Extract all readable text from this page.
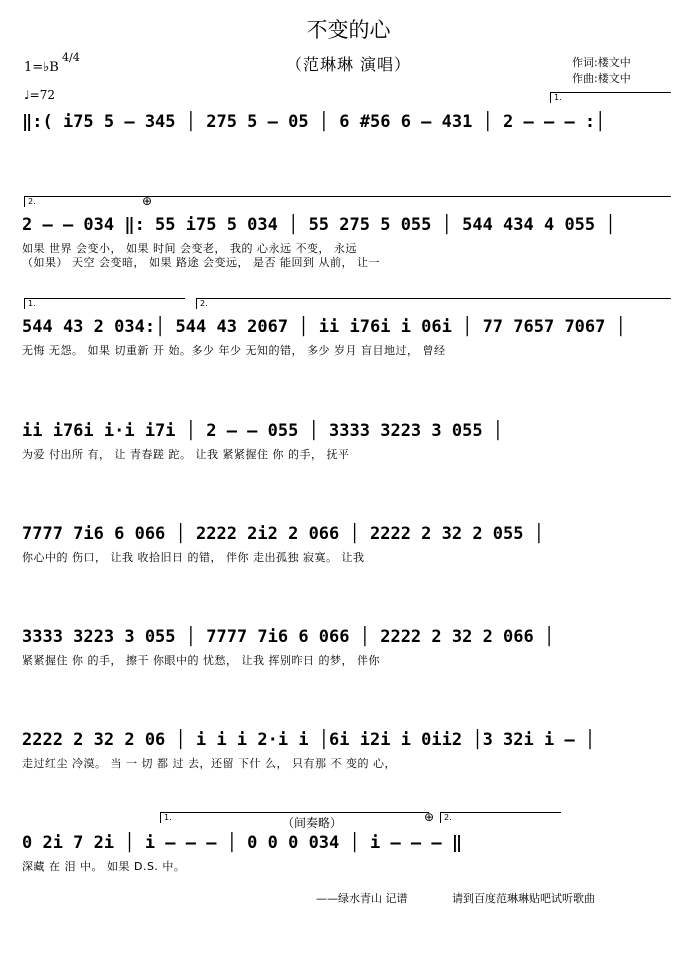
不变的心
（范琳琳 演唱）	作词:楼文中
作曲:楼文中
1=♭B
4/4
♩=72	1.
2.
1.	2.
1.	2.
⊕
⊕
‖:( i75 5 – 345 │ 275 5 – 05 │ 6 #56 6 – 431 │ 2 – – – :│
2 – – 034 ‖: 55 i75 5 034 │ 55 275 5 055 │ 544 434 4 055 │
如果 世界 会变小， 如果 时间 会变老， 我的 心永远 不变， 永远
（如果） 天空 会变暗， 如果 路途 会变远， 是否 能回到 从前， 让一
544 43 2 034:│ 544 43 2067 │ ii i76i i 06i │ 77 7657 7067 │
无悔 无怨。 如果 切重新 开 始。多少 年少 无知的错， 多少 岁月 盲目地过， 曾经
ii i76i i·i i7i │ 2 – – 055 │ 3333 3223 3 055 │
为爱 付出所 有， 让 青春蹉 跎。 让我 紧紧握住 你 的手， 抚平
7777 7i6 6 066 │ 2222 2i2 2 066 │ 2222 2 32 2 055 │
你心中的 伤口， 让我 收拾旧日 的错， 伴你 走出孤独 寂寞。 让我
3333 3223 3 055 │ 7777 7i6 6 066 │ 2222 2 32 2 066 │
紧紧握住 你 的手， 擦干 你眼中的 忧愁， 让我 挥别昨日 的梦， 伴你
2222 2 32 2 06 │ i i i 2·i i │6i i2i i 0ii2 │3 32i i – │
走过红尘 冷漠。 当 一 切 都 过 去，还留 下什 么， 只有那 不 变的 心，
（间奏略）
0 2i 7 2i │ i – – – │ 0 0 0 034 │ i – – – ‖
深藏 在 泪 中。 如果 D.S. 中。
——绿水青山 记谱	请到百度范琳琳贴吧试听歌曲
